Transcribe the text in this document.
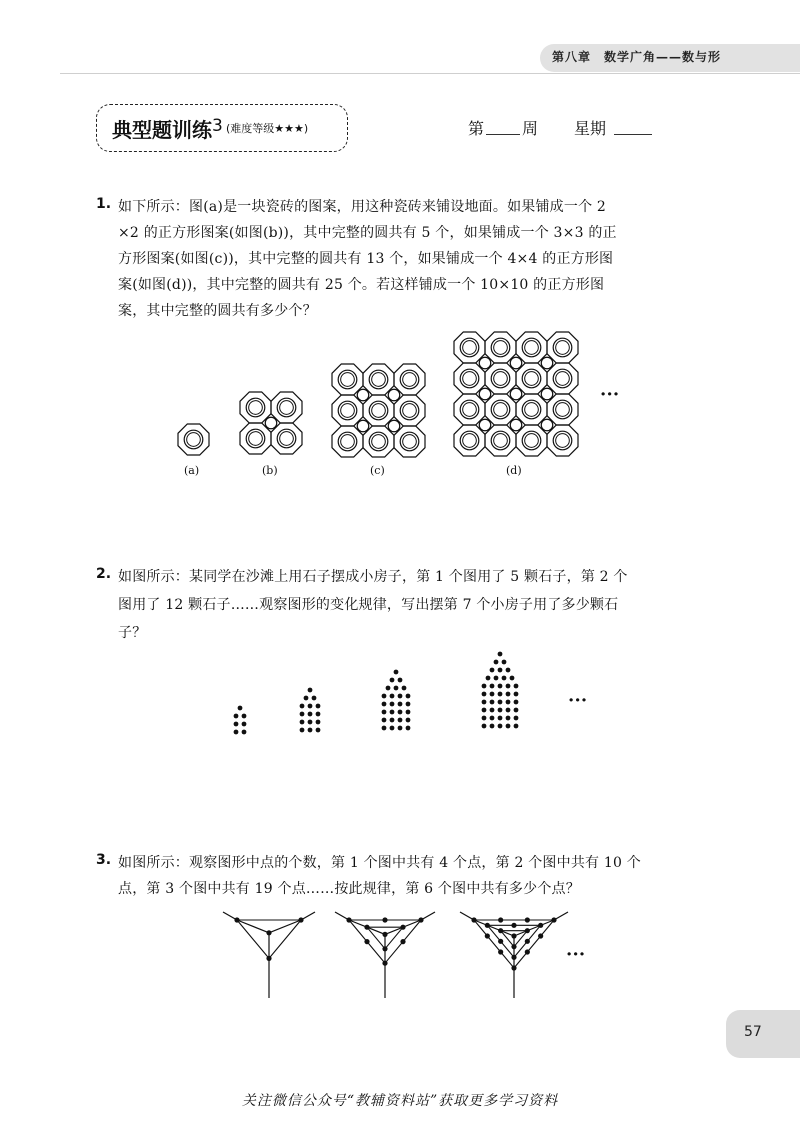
第八章　数学广角——数与形
典型题训练 3 (难度等级★★★)	第 周 星期
1. 如下所示：图(a)是一块瓷砖的图案，用这种瓷砖来铺设地面。如果铺成一个 2
×2 的正方形图案(如图(b))，其中完整的圆共有 5 个，如果铺成一个 3×3 的正
方形图案(如图(c))，其中完整的圆共有 13 个，如果铺成一个 4×4 的正方形图
案(如图(d))，其中完整的圆共有 25 个。若这样铺成一个 10×10 的正方形图
案，其中完整的圆共有多少个？
(a)	(b)	(c)	(d)
···
2. 如图所示：某同学在沙滩上用石子摆成小房子，第 1 个图用了 5 颗石子，第 2 个
图用了 12 颗石子……观察图形的变化规律，写出摆第 7 个小房子用了多少颗石
子？
···
3. 如图所示：观察图形中点的个数，第 1 个图中共有 4 个点，第 2 个图中共有 10 个
点，第 3 个图中共有 19 个点……按此规律，第 6 个图中共有多少个点？
···
57
关注微信公众号“教辅资料站”获取更多学习资料
